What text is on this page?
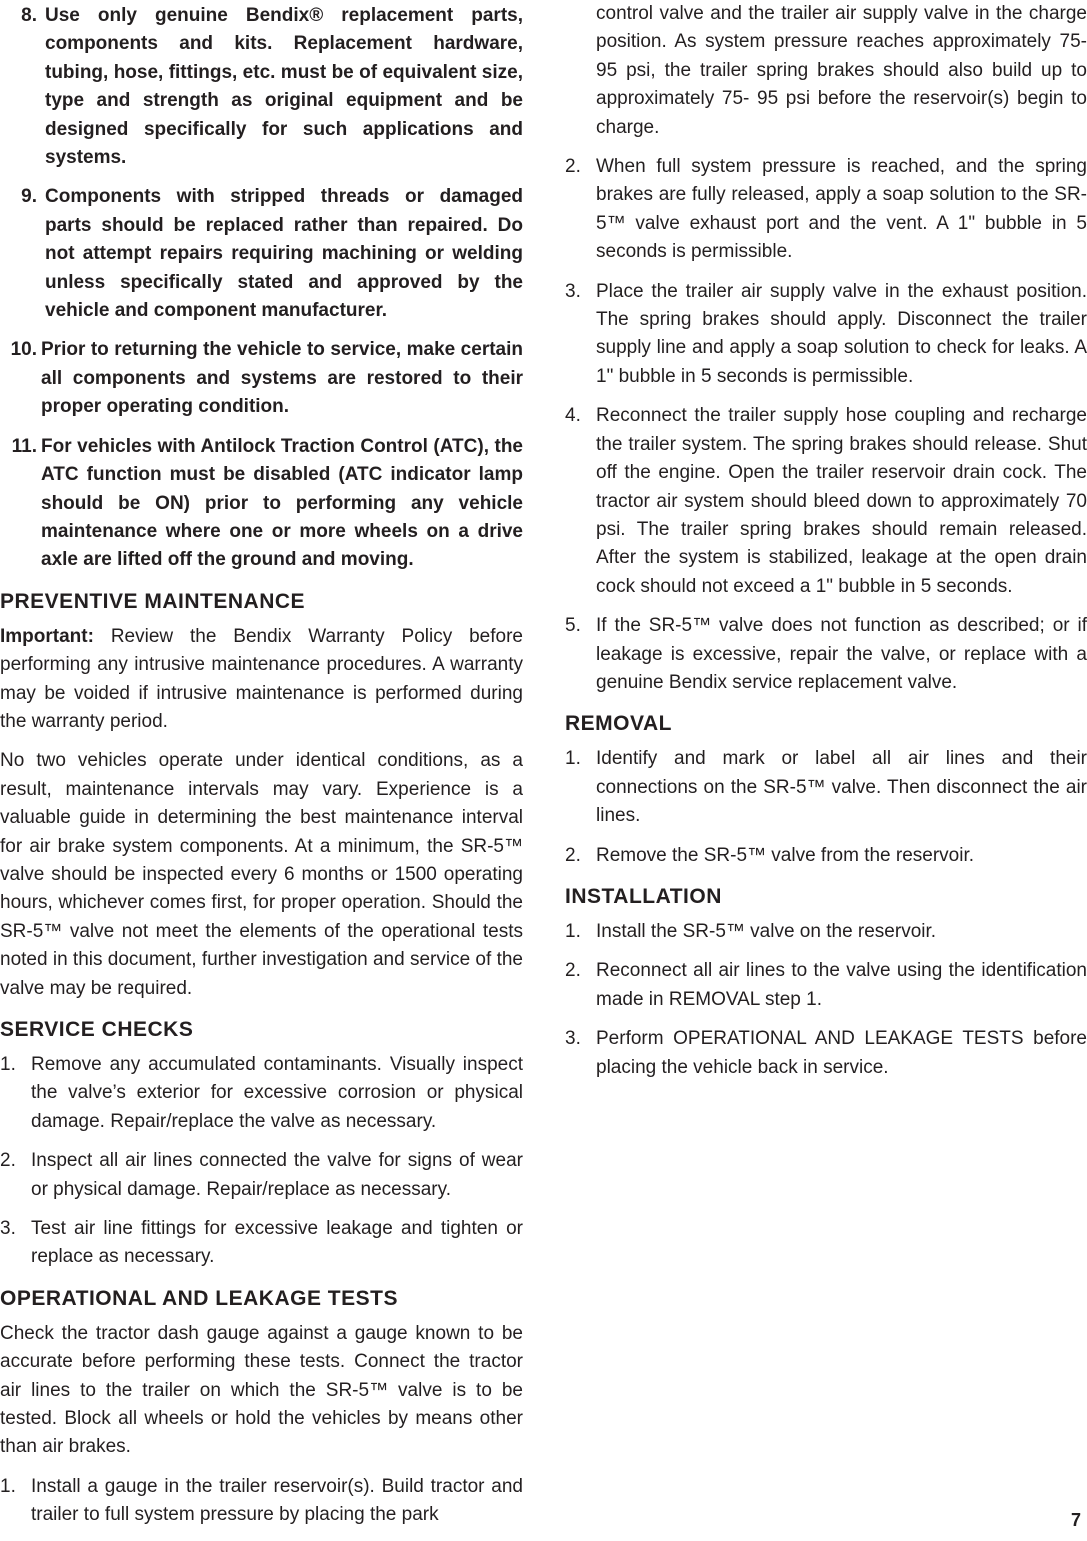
8. Use only genuine Bendix® replacement parts, components and kits. Replacement hardware, tubing, hose, fittings, etc. must be of equivalent size, type and strength as original equipment and be designed specifically for such applications and systems.
9. Components with stripped threads or damaged parts should be replaced rather than repaired. Do not attempt repairs requiring machining or welding unless specifically stated and approved by the vehicle and component manufacturer.
10. Prior to returning the vehicle to service, make certain all components and systems are restored to their proper operating condition.
11. For vehicles with Antilock Traction Control (ATC), the ATC function must be disabled (ATC indicator lamp should be ON) prior to performing any vehicle maintenance where one or more wheels on a drive axle are lifted off the ground and moving.
PREVENTIVE MAINTENANCE

Important: Review the Bendix Warranty Policy before performing any intrusive maintenance procedures. A warranty may be voided if intrusive maintenance is performed during the warranty period.

No two vehicles operate under identical conditions, as a result, maintenance intervals may vary. Experience is a valuable guide in determining the best maintenance interval for air brake system components. At a minimum, the SR-5™ valve should be inspected every 6 months or 1500 operating hours, whichever comes first, for proper operation. Should the SR-5™ valve not meet the elements of the operational tests noted in this document, further investigation and service of the valve may be required.

SERVICE CHECKS
1. Remove any accumulated contaminants. Visually inspect the valve’s exterior for excessive corrosion or physical damage. Repair/replace the valve as necessary.
2. Inspect all air lines connected the valve for signs of wear or physical damage. Repair/replace as necessary.
3. Test air line fittings for excessive leakage and tighten or replace as necessary.
OPERATIONAL AND LEAKAGE TESTS

Check the tractor dash gauge against a gauge known to be accurate before performing these tests. Connect the tractor air lines to the trailer on which the SR-5™ valve is to be tested. Block all wheels or hold the vehicles by means other than air brakes.

1. Install a gauge in the trailer reservoir(s). Build tractor and trailer to full system pressure by placing the park
control valve and the trailer air supply valve in the charge position. As system pressure reaches approximately 75-95 psi, the trailer spring brakes should also build up to approximately 75- 95 psi before the reservoir(s) begin to charge.
2. When full system pressure is reached, and the spring brakes are fully released, apply a soap solution to the SR-5™ valve exhaust port and the vent. A 1" bubble in 5 seconds is permissible.
3. Place the trailer air supply valve in the exhaust position. The spring brakes should apply. Disconnect the trailer supply line and apply a soap solution to check for leaks. A 1" bubble in 5 seconds is permissible.
4. Reconnect the trailer supply hose coupling and recharge the trailer system. The spring brakes should release. Shut off the engine. Open the trailer reservoir drain cock. The tractor air system should bleed down to approximately 70 psi. The trailer spring brakes should remain released. After the system is stabilized, leakage at the open drain cock should not exceed a 1" bubble in 5 seconds.
5. If the SR-5™ valve does not function as described; or if leakage is excessive, repair the valve, or replace with a genuine Bendix service replacement valve.
REMOVAL
1. Identify and mark or label all air lines and their connections on the SR-5™ valve. Then disconnect the air lines.
2. Remove the SR-5™ valve from the reservoir.
INSTALLATION
1. Install the SR-5™ valve on the reservoir.
2. Reconnect all air lines to the valve using the identification made in REMOVAL step 1.
3. Perform OPERATIONAL AND LEAKAGE TESTS before placing the vehicle back in service.
7
